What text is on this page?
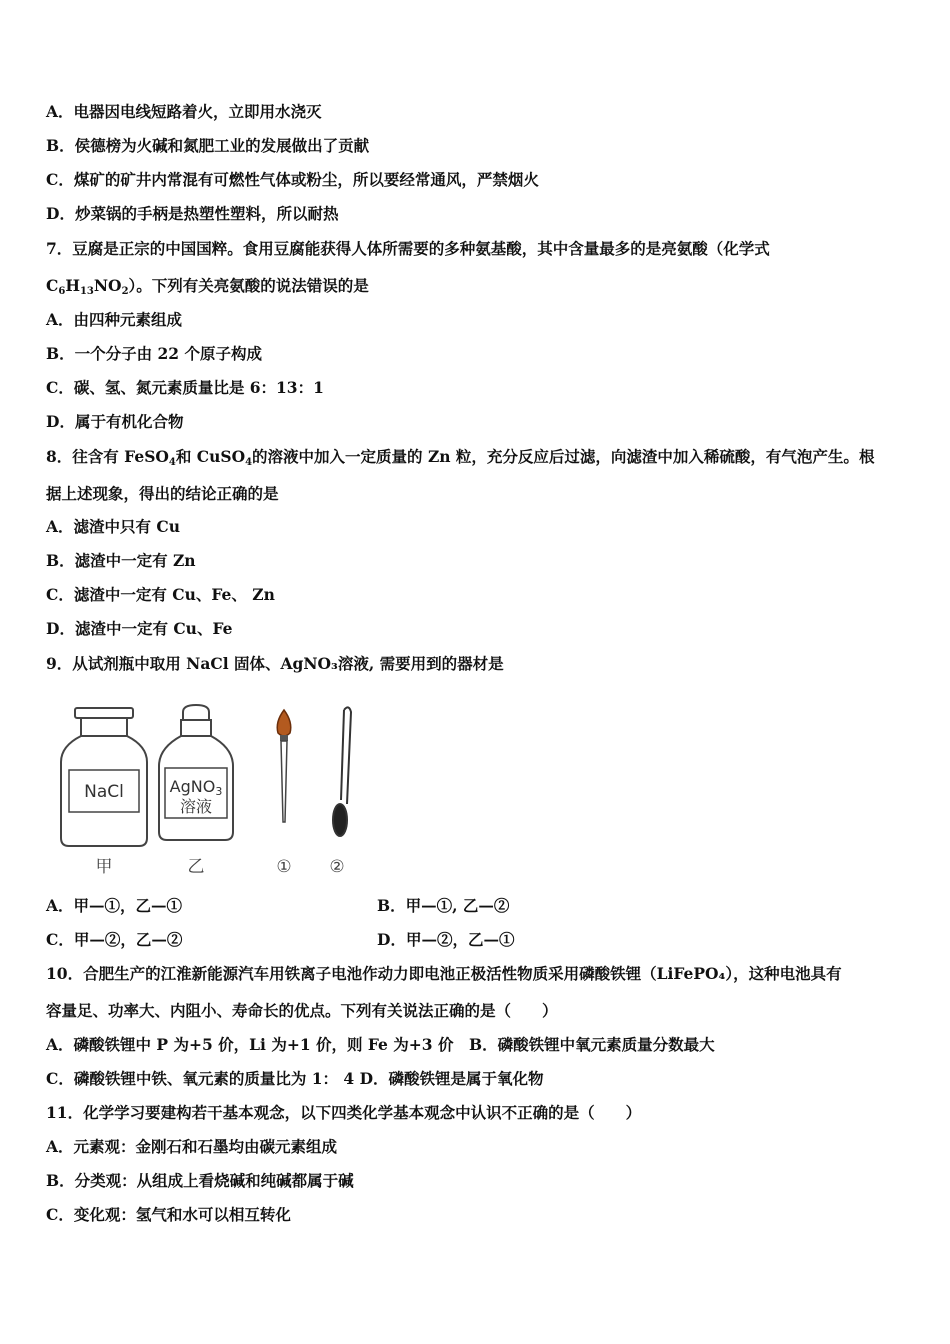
A．电器因电线短路着火，立即用水浇灭
B．侯德榜为火碱和氮肥工业的发展做出了贡献
C．煤矿的矿井内常混有可燃性气体或粉尘，所以要经常通风，严禁烟火
D．炒菜锅的手柄是热塑性塑料，所以耐热
7．豆腐是正宗的中国国粹。食用豆腐能获得人体所需要的多种氨基酸，其中含量最多的是亮氨酸（化学式
$C_6H_{13}NO_2$）。下列有关亮氨酸的说法错误的是
A．由四种元素组成
B．一个分子由 22 个原子构成
C．碳、氢、氮元素质量比是 6：13：1
D．属于有机化合物
8．往含有 FeSO$_4$和 CuSO$_4$的溶液中加入一定质量的 Zn 粒，充分反应后过滤，向滤渣中加入稀硫酸，有气泡产生。根
据上述现象，得出的结论正确的是
A．滤渣中只有 Cu
B．滤渣中一定有 Zn
C．滤渣中一定有 Cu、Fe、 Zn
D．滤渣中一定有 Cu、Fe
9．从试剂瓶中取用 NaCl 固体、AgNO₃溶液, 需要用到的器材是
NaCl	AgNO3
溶液
甲	乙	① ②
A．甲—①，乙—①	B．甲—①, 乙—②
C．甲—②，乙—②	D．甲—②，乙—①
10．合肥生产的江淮新能源汽车用铁离子电池作动力即电池正极活性物质采用磷酸铁锂（LiFePO₄），这种电池具有
容量足、功率大、内阻小、寿命长的优点。下列有关说法正确的是（　　）
A．磷酸铁锂中 P 为+5 价，Li 为+1 价，则 Fe 为+3 价　B．磷酸铁锂中氧元素质量分数最大
C．磷酸铁锂中铁、氧元素的质量比为 1： 4 D．磷酸铁锂是属于氧化物
11．化学学习要建构若干基本观念，以下四类化学基本观念中认识不正确的是（　　）
A．元素观：金刚石和石墨均由碳元素组成
B．分类观：从组成上看烧碱和纯碱都属于碱
C．变化观：氢气和水可以相互转化
